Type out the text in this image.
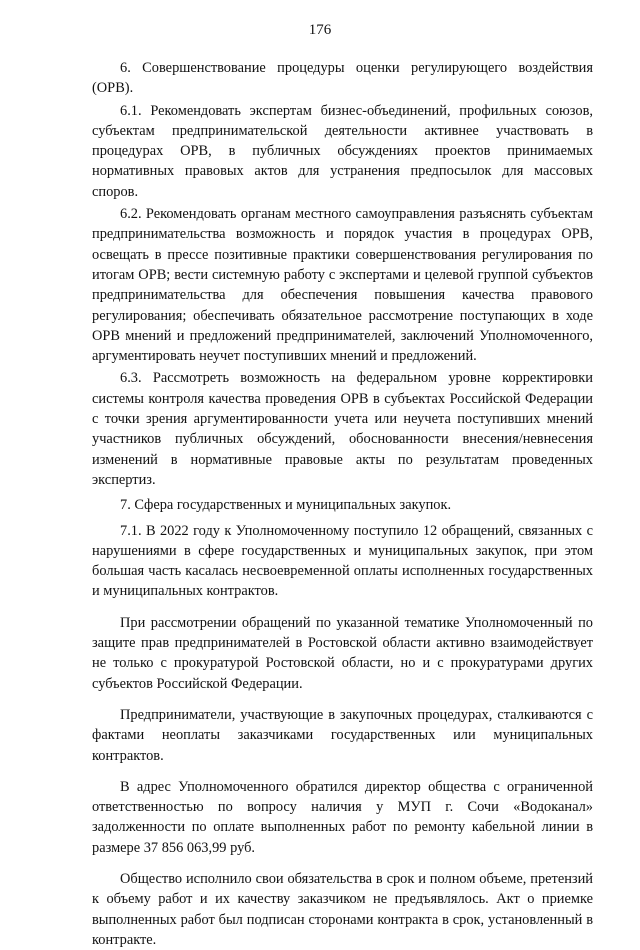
176

6. Совершенствование процедуры оценки регулирующего воздействия (ОРВ).

6.1. Рекомендовать экспертам бизнес-объединений, профильных союзов, субъектам предпринимательской деятельности активнее участвовать в процедурах ОРВ, в публичных обсуждениях проектов принимаемых нормативных правовых актов для устранения предпосылок для массовых споров.

6.2. Рекомендовать органам местного самоуправления разъяснять субъектам предпринимательства возможность и порядок участия в процедурах ОРВ, освещать в прессе позитивные практики совершенствования регулирования по итогам ОРВ; вести системную работу с экспертами и целевой группой субъектов предпринимательства для обеспечения повышения качества правового регулирования; обеспечивать обязательное рассмотрение поступающих в ходе ОРВ мнений и предложений предпринимателей, заключений Уполномоченного, аргументировать неучет поступивших мнений и предложений.

6.3. Рассмотреть возможность на федеральном уровне корректировки системы контроля качества проведения ОРВ в субъектах Российской Федерации с точки зрения аргументированности учета или неучета поступивших мнений участников публичных обсуждений, обоснованности внесения/невнесения изменений в нормативные правовые акты по результатам проведенных экспертиз.

7. Сфера государственных и муниципальных закупок.

7.1. В 2022 году к Уполномоченному поступило 12 обращений, связанных с нарушениями в сфере государственных и муниципальных закупок, при этом большая часть касалась несвоевременной оплаты исполненных государственных и муниципальных контрактов.

При рассмотрении обращений по указанной тематике Уполномоченный по защите прав предпринимателей в Ростовской области активно взаимодействует не только с прокуратурой Ростовской области, но и с прокуратурами других субъектов Российской Федерации.

Предприниматели, участвующие в закупочных процедурах, сталкиваются с фактами неоплаты заказчиками государственных или муниципальных контрактов.

В адрес Уполномоченного обратился директор общества с ограниченной ответственностью по вопросу наличия у МУП г. Сочи «Водоканал» задолженности по оплате выполненных работ по ремонту кабельной линии в размере 37 856 063,99 руб.

Общество исполнило свои обязательства в срок и полном объеме, претензий к объему работ и их качеству заказчиком не предъявлялось. Акт о приемке выполненных работ был подписан сторонами контракта в срок, установленный в контракте.
